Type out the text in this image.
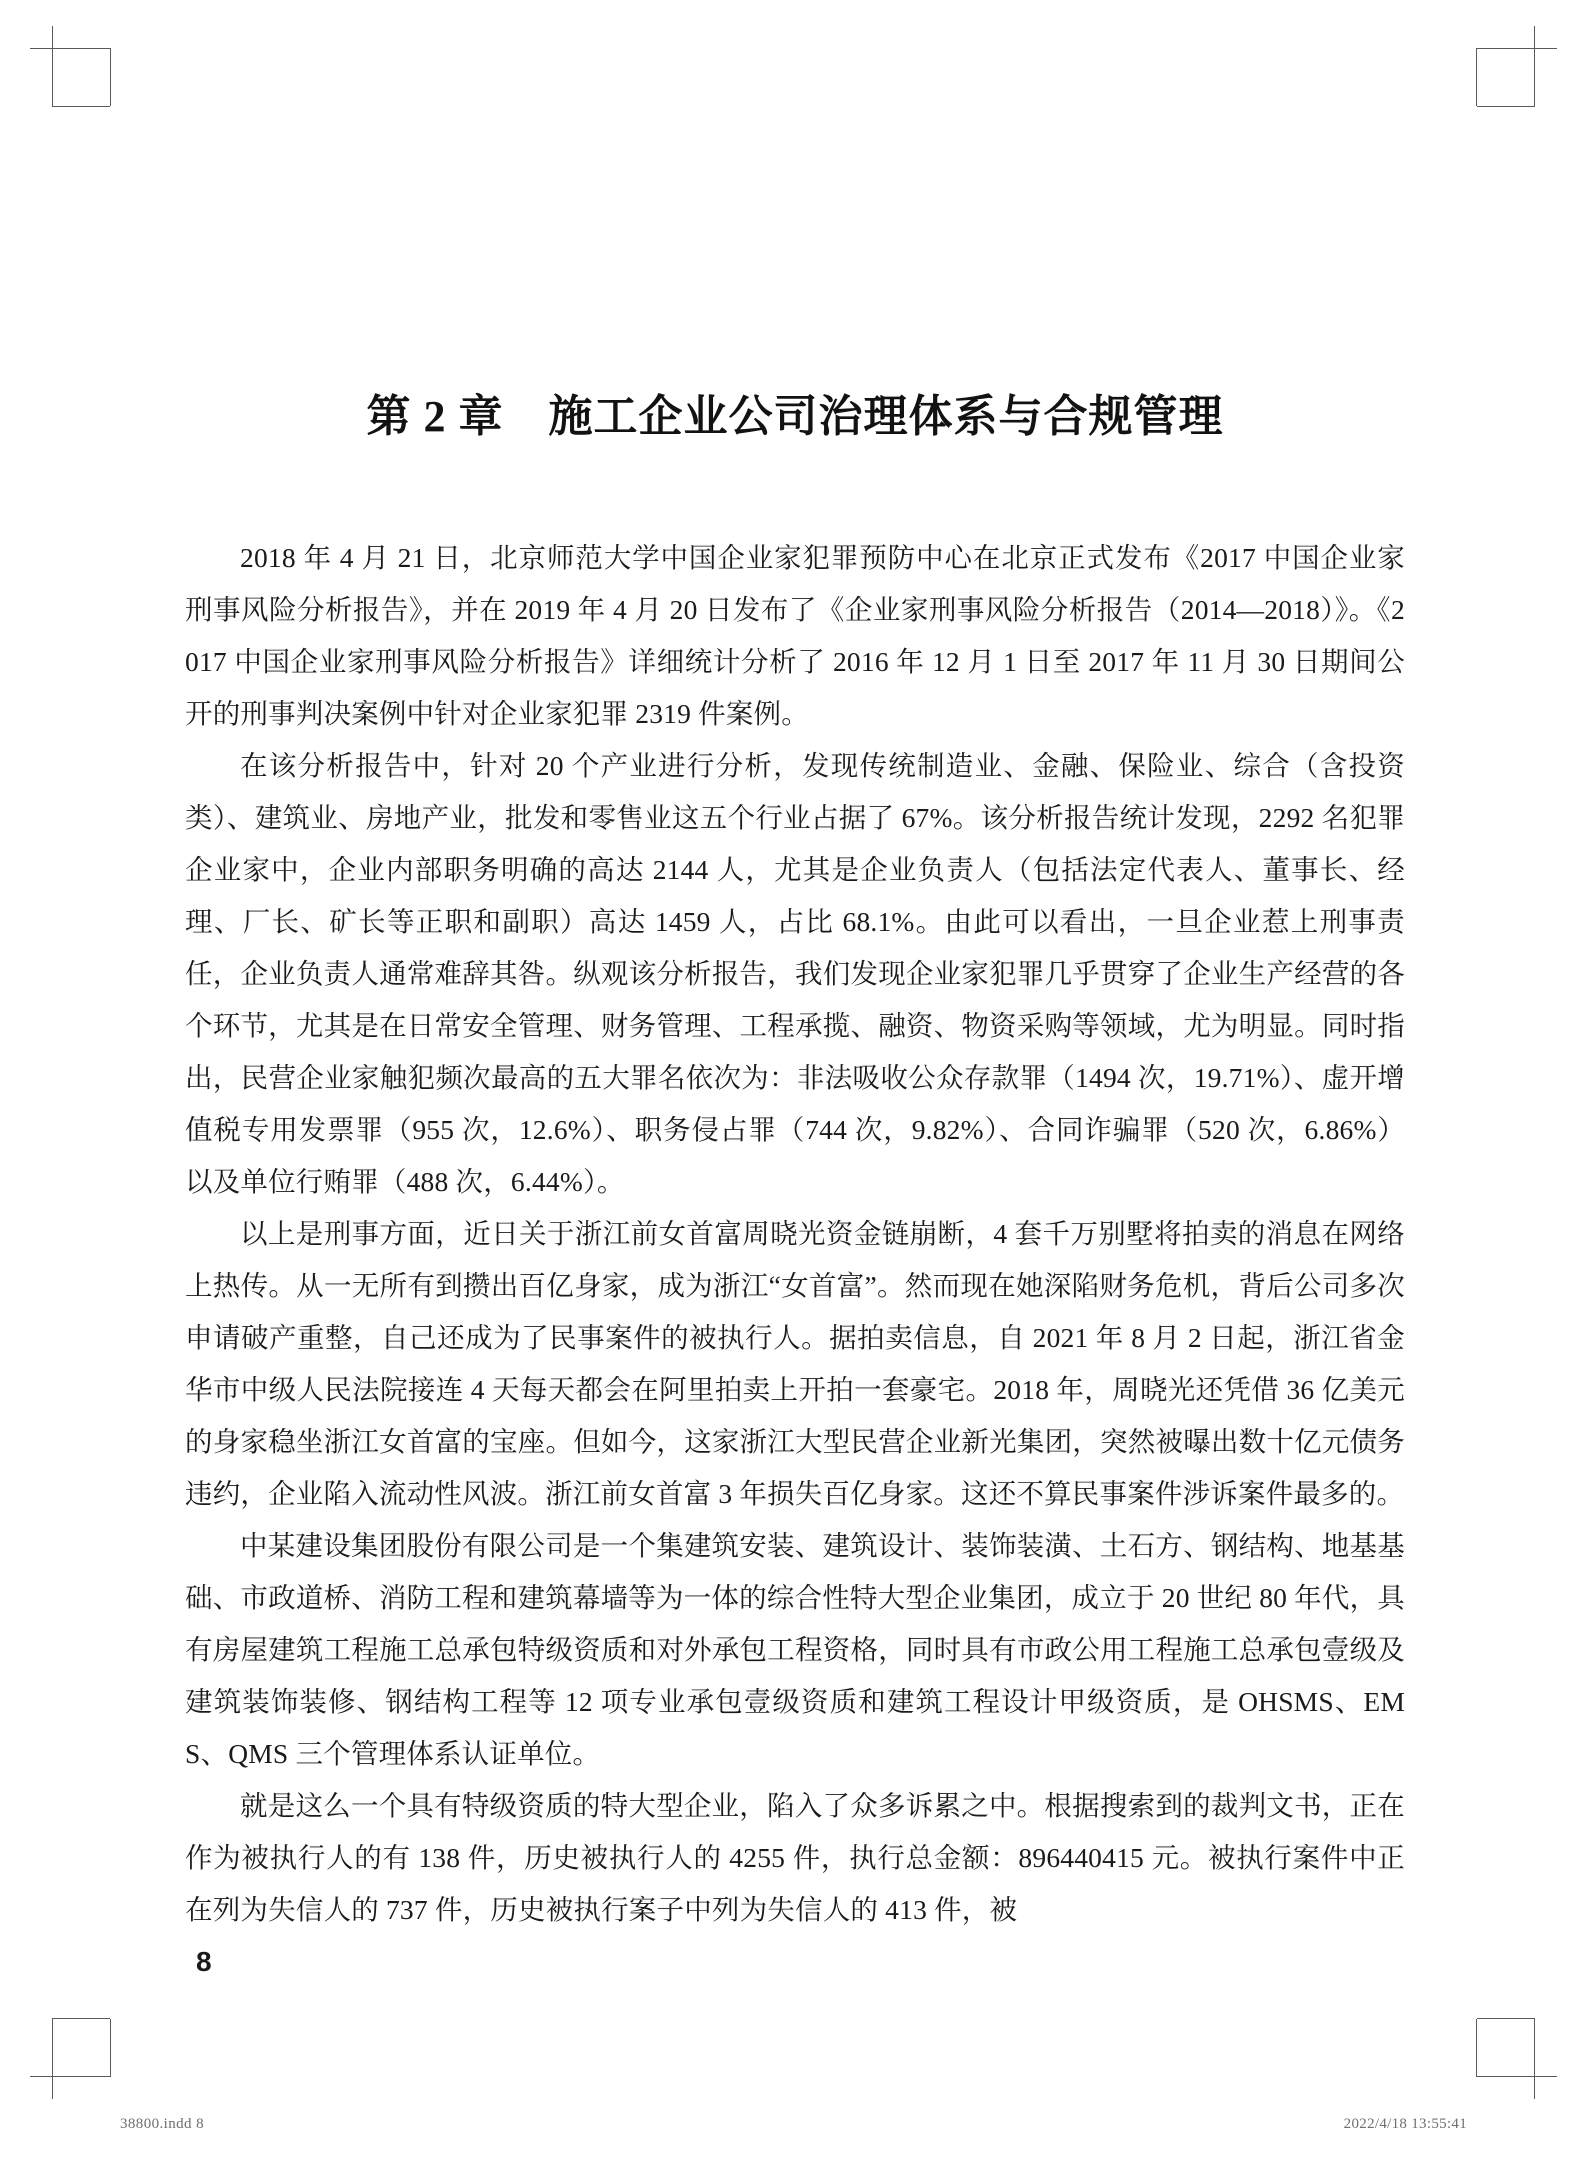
第 2 章　施工企业公司治理体系与合规管理

2018 年 4 月 21 日，北京师范大学中国企业家犯罪预防中心在北京正式发布《2017 中国企业家刑事风险分析报告》，并在 2019 年 4 月 20 日发布了《企业家刑事风险分析报告（2014—2018）》。《2017 中国企业家刑事风险分析报告》详细统计分析了 2016 年 12 月 1 日至 2017 年 11 月 30 日期间公开的刑事判决案例中针对企业家犯罪 2319 件案例。

在该分析报告中，针对 20 个产业进行分析，发现传统制造业、金融、保险业、综合（含投资类）、建筑业、房地产业，批发和零售业这五个行业占据了 67%。该分析报告统计发现，2292 名犯罪企业家中，企业内部职务明确的高达 2144 人，尤其是企业负责人（包括法定代表人、董事长、经理、厂长、矿长等正职和副职）高达 1459 人，占比 68.1%。由此可以看出，一旦企业惹上刑事责任，企业负责人通常难辞其咎。纵观该分析报告，我们发现企业家犯罪几乎贯穿了企业生产经营的各个环节，尤其是在日常安全管理、财务管理、工程承揽、融资、物资采购等领域，尤为明显。同时指出，民营企业家触犯频次最高的五大罪名依次为：非法吸收公众存款罪（1494 次，19.71%）、虚开增值税专用发票罪（955 次，12.6%）、职务侵占罪（744 次，9.82%）、合同诈骗罪（520 次，6.86%）以及单位行贿罪（488 次，6.44%）。

以上是刑事方面，近日关于浙江前女首富周晓光资金链崩断，4 套千万别墅将拍卖的消息在网络上热传。从一无所有到攒出百亿身家，成为浙江“女首富”。然而现在她深陷财务危机，背后公司多次申请破产重整，自己还成为了民事案件的被执行人。据拍卖信息，自 2021 年 8 月 2 日起，浙江省金华市中级人民法院接连 4 天每天都会在阿里拍卖上开拍一套豪宅。2018 年，周晓光还凭借 36 亿美元的身家稳坐浙江女首富的宝座。但如今，这家浙江大型民营企业新光集团，突然被曝出数十亿元债务违约，企业陷入流动性风波。浙江前女首富 3 年损失百亿身家。这还不算民事案件涉诉案件最多的。

中某建设集团股份有限公司是一个集建筑安装、建筑设计、装饰装潢、土石方、钢结构、地基基础、市政道桥、消防工程和建筑幕墙等为一体的综合性特大型企业集团，成立于 20 世纪 80 年代，具有房屋建筑工程施工总承包特级资质和对外承包工程资格，同时具有市政公用工程施工总承包壹级及建筑装饰装修、钢结构工程等 12 项专业承包壹级资质和建筑工程设计甲级资质，是 OHSMS、EMS、QMS 三个管理体系认证单位。

就是这么一个具有特级资质的特大型企业，陷入了众多诉累之中。根据搜索到的裁判文书，正在作为被执行人的有 138 件，历史被执行人的 4255 件，执行总金额：896440415 元。被执行案件中正在列为失信人的 737 件，历史被执行案子中列为失信人的 413 件，被

8
38800.indd 8	2022/4/18 13:55:41
